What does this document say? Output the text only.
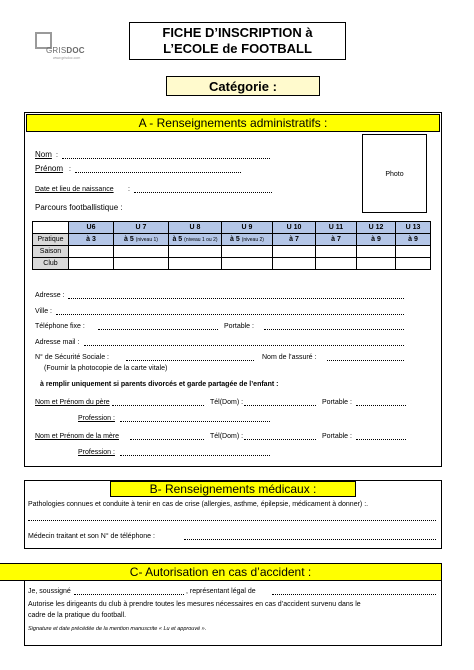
GRISDOC
www.grisdoc.com
FICHE D’INSCRIPTION à
L’ECOLE de FOOTBALL
Catégorie :
A - Renseignements administratifs :
Nom :
Prénom :
Date et lieu de naissance :
Parcours footballistique :
Photo
	U6	U 7	U 8	U 9	U 10	U 11	U 12	U 13
Pratique	à 3	à 5 (niveau 1)	à 5 (niveau 1 ou 2)	à 5 (niveau 2)	à 7	à 7	à 9	à 9
Saison								
Club								
Adresse :
Ville :
Téléphone fixe :	Portable :
Adresse mail :
N° de Sécurité Sociale :	Nom de l’assuré :
(Fournir la photocopie de la carte vitale)
à remplir uniquement si parents divorcés et garde partagée de l’enfant :
Nom et Prénom du père	Tél(Dom) :	Portable :
Profession :
Nom et Prénom de la mère	Tél(Dom) :	Portable :
Profession :
B- Renseignements médicaux :
Pathologies connues et conduite à tenir en cas de crise (allergies, asthme, épilepsie, médicament à donner) :.
Médecin traitant et son N° de téléphone :
C- Autorisation en cas d’accident :
Je, soussigné	, représentant légal de
Autorise les dirigeants du club à prendre toutes les mesures nécessaires en cas d’accident survenu dans le
cadre de la pratique du football.
Signature et date précédée de la mention manuscrite « Lu et approuvé ».
